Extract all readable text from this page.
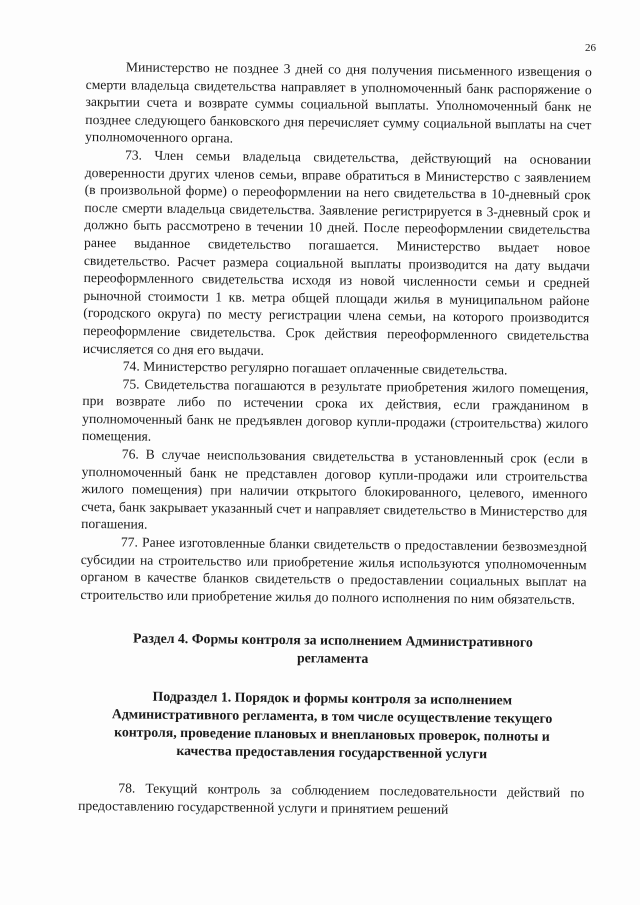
26

Министерство не позднее 3 дней со дня получения письменного извещения о смерти владельца свидетельства направляет в уполномоченный банк распоряжение о закрытии счета и возврате суммы социальной выплаты. Уполномоченный банк не позднее следующего банковского дня перечисляет сумму социальной выплаты на счет уполномоченного органа.

73. Член семьи владельца свидетельства, действующий на основании доверенности других членов семьи, вправе обратиться в Министерство с заявлением (в произвольной форме) о переоформлении на него свидетельства в 10-дневный срок после смерти владельца свидетельства. Заявление регистрируется в 3-дневный срок и должно быть рассмотрено в течении 10 дней. После переоформлении свидетельства ранее выданное свидетельство погашается. Министерство выдает новое свидетельство. Расчет размера социальной выплаты производится на дату выдачи переоформленного свидетельства исходя из новой численности семьи и средней рыночной стоимости 1 кв. метра общей площади жилья в муниципальном районе (городского округа) по месту регистрации члена семьи, на которого производится переоформление свидетельства. Срок действия переоформленного свидетельства исчисляется со дня его выдачи.

74. Министерство регулярно погашает оплаченные свидетельства.

75. Свидетельства погашаются в результате приобретения жилого помещения, при возврате либо по истечении срока их действия, если гражданином в уполномоченный банк не предъявлен договор купли-продажи (строительства) жилого помещения.

76. В случае неиспользования свидетельства в установленный срок (если в уполномоченный банк не представлен договор купли-продажи или строительства жилого помещения) при наличии открытого блокированного, целевого, именного счета, банк закрывает указанный счет и направляет свидетельство в Министерство для погашения.

77. Ранее изготовленные бланки свидетельств о предоставлении безвозмездной субсидии на строительство или приобретение жилья используются уполномоченным органом в качестве бланков свидетельств о предоставлении социальных выплат на строительство или приобретение жилья до полного исполнения по ним обязательств.

Раздел 4. Формы контроля за исполнением Административного регламента
Подраздел 1. Порядок и формы контроля за исполнением Административного регламента, в том числе осуществление текущего контроля, проведение плановых и внеплановых проверок, полноты и качества предоставления государственной услуги

78. Текущий контроль за соблюдением последовательности действий по предоставлению государственной услуги и принятием решений
